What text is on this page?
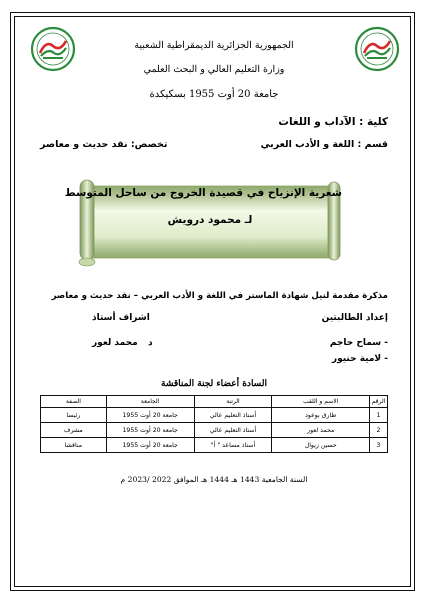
الجمهورية الجزائرية الديمقراطية الشعبية
وزارة التعليم العالي و البحث العلمي
جامعة 20 أوت 1955 بسكيكدة
كلية : الآداب و اللغات
قسم : اللغة و الأدب العربي
تخصص: نقد حديث و معاصر
شعرية الإنزياح في قصيدة الخروج من ساحل المتوسط
لـ محمود درويش
مذكرة مقدمة لنيل شهادة الماستر في اللغة و الأدب العربي – نقد حديث و معاصر
إعداد الطالبتين
اشراف أستاذ
- سماح حاجم
محمد لعور د
- لامية حنيور
السادة أعضاء لجنة المناقشة
الرقم	الاسم و اللقب	الرتبة	الجامعة	الصفة
1	طارق بوعود	أستاذ التعليم عالي	جامعة 20 أوت 1955	رئيسا
2	محمد لعور	أستاذ التعليم عالي	جامعة 20 أوت 1955	مشرف
3	حسين زيوال	أستاذ مساعد " أ"	جامعة 20 أوت 1955	مناقشا
السنة الجامعية 1443 هـ 1444 هـ الموافق 2022 /2023 م
